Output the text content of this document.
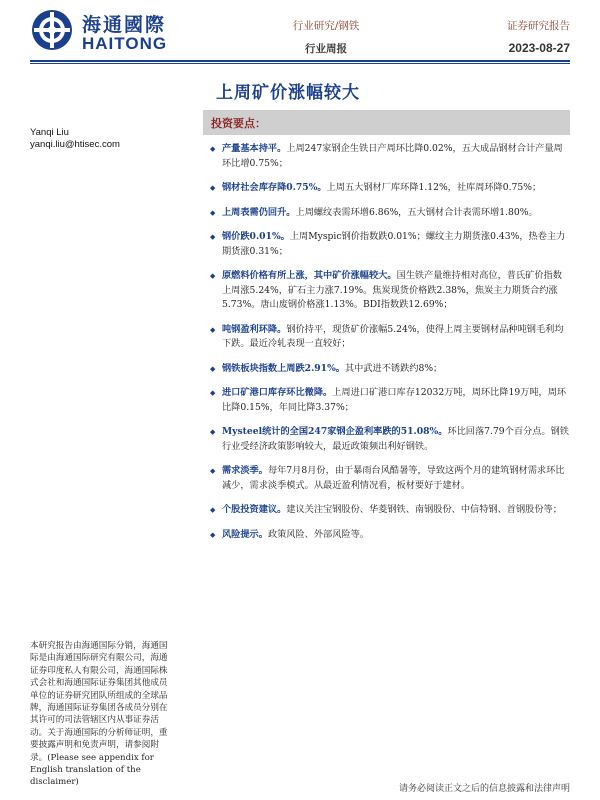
海通國際
HAITONG
行业研究/钢铁
行业周报
证券研究报告
2023-08-27
上周矿价涨幅较大
Yanqi Liu
yanqi.liu@htisec.com
投资要点：
◆ 产量基本持平。上周247家钢企生铁日产周环比降0.02%，五大成品钢材合计产量周环比增0.75%；
◆ 钢材社会库存降0.75%。上周五大钢材厂库环降1.12%，社库周环降0.75%；
◆ 上周表需仍回升。上周螺纹表需环增6.86%，五大钢材合计表需环增1.80%。
◆ 钢价跌0.01%。上周Myspic钢价指数跌0.01%；螺纹主力期货涨0.43%，热卷主力期货涨0.31%；
◆ 原燃料价格有所上涨，其中矿价涨幅较大。国生铁产量维持相对高位，普氏矿价指数上周涨5.24%，矿石主力涨7.19%。焦炭现货价格跌2.38%，焦炭主力期货合约涨5.73%。唐山废钢价格涨1.13%。BDI指数跌12.69%；
◆ 吨钢盈利环降。钢价持平，现货矿价涨幅5.24%，使得上周主要钢材品种吨钢毛利均下跌。最近冷轧表现一直较好；
◆ 钢铁板块指数上周跌2.91%。其中武进不锈跌约8%；
◆ 进口矿港口库存环比微降。上周进口矿港口库存12032万吨，周环比降19万吨，周环比降0.15%，年同比降3.37%；
◆ Mysteel统计的全国247家钢企盈利率跌的51.08%。环比回落7.79个百分点。钢铁行业受经济政策影响较大，最近政策频出利好钢铁。
◆ 需求淡季。每年7月8月份，由于暴雨台风酷暑等，导致这两个月的建筑钢材需求环比减少，需求淡季模式。从最近盈利情况看，板材要好于建材。
◆ 个股投资建议。建议关注宝钢股份、华菱钢铁、南钢股份、中信特钢、首钢股份等；
◆ 风险提示。政策风险、外部风险等。
本研究报告由海通国际分销，海通国际是由海通国际研究有限公司，海通证券印度私人有限公司，海通国际株式会社和海通国际证券集团其他成员单位的证券研究团队所组成的全球品牌，海通国际证券集团各成员分别在其许可的司法管辖区内从事证券活动。关于海通国际的分析师证明，重要披露声明和免责声明，请参阅附录。(Please see appendix for English translation of the disclaimer)
请务必阅读正文之后的信息披露和法律声明
